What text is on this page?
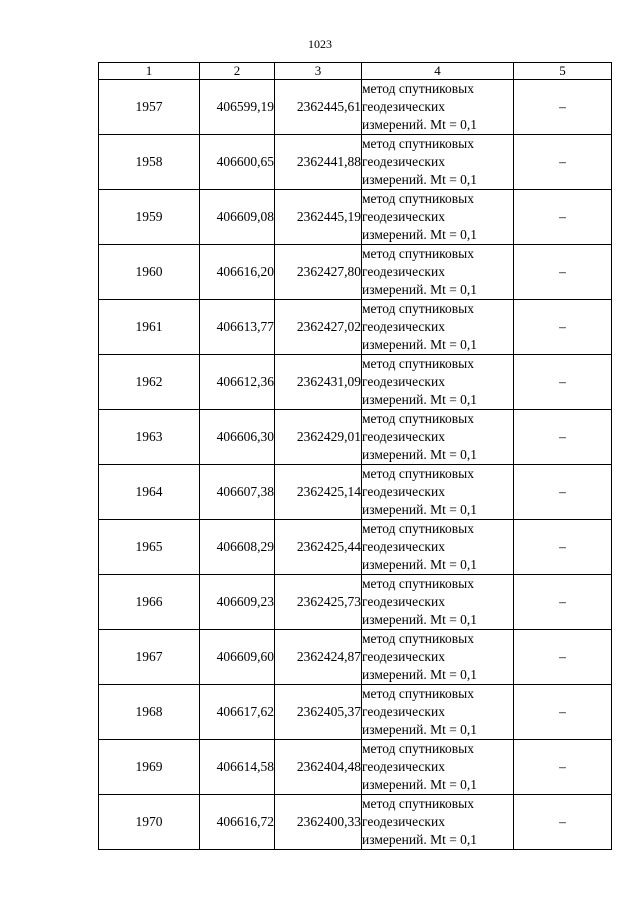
1023
1	2	3	4	5
1957	406599,19	2362445,61	метод спутниковых
геодезических
измерений. Mt = 0,1	–
1958	406600,65	2362441,88	метод спутниковых
геодезических
измерений. Mt = 0,1	–
1959	406609,08	2362445,19	метод спутниковых
геодезических
измерений. Mt = 0,1	–
1960	406616,20	2362427,80	метод спутниковых
геодезических
измерений. Mt = 0,1	–
1961	406613,77	2362427,02	метод спутниковых
геодезических
измерений. Mt = 0,1	–
1962	406612,36	2362431,09	метод спутниковых
геодезических
измерений. Mt = 0,1	–
1963	406606,30	2362429,01	метод спутниковых
геодезических
измерений. Mt = 0,1	–
1964	406607,38	2362425,14	метод спутниковых
геодезических
измерений. Mt = 0,1	–
1965	406608,29	2362425,44	метод спутниковых
геодезических
измерений. Mt = 0,1	–
1966	406609,23	2362425,73	метод спутниковых
геодезических
измерений. Mt = 0,1	–
1967	406609,60	2362424,87	метод спутниковых
геодезических
измерений. Mt = 0,1	–
1968	406617,62	2362405,37	метод спутниковых
геодезических
измерений. Mt = 0,1	–
1969	406614,58	2362404,48	метод спутниковых
геодезических
измерений. Mt = 0,1	–
1970	406616,72	2362400,33	метод спутниковых
геодезических
измерений. Mt = 0,1	–
